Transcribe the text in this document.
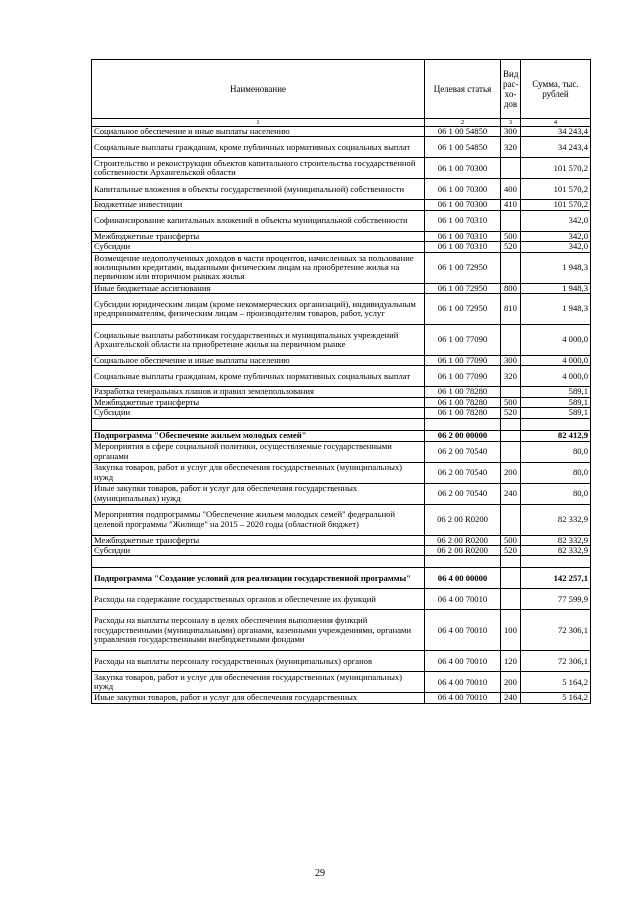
Наименование	Целевая статья	Вид рас- хо- дов	Сумма, тыс. рублей
1	2	3	4
Социальное обеспечение и иные выплаты населению	06 1 00 54850	300	34 243,4
Социальные выплаты гражданам, кроме публичных нормативных социальных выплат	06 1 00 54850	320	34 243,4
Строительство и реконструкция объектов капитального строительства государственной собственности Архангельской области	06 1 00 70300		101 570,2
Капитальные вложения в объекты государственной (муниципальной) собственности	06 1 00 70300	400	101 570,2
Бюджетные инвестиции	06 1 00 70300	410	101 570,2
Софинансирование капитальных вложений в объекты муниципальной собственности	06 1 00 70310		342,0
Межбюджетные трансферты	06 1 00 70310	500	342,0
Субсидии	06 1 00 70310	520	342,0
Возмещение недополученных доходов в части процентов, начисленных за пользование жилищными кредитами, выданными физическим лицам на приобретение жилья на первичном или вторичном рынках жилья	06 1 00 72950		1 948,3
Иные бюджетные ассигнования	06 1 00 72950	800	1 948,3
Субсидии юридическим лицам (кроме некоммерческих организаций), индивидуальным предпринимателям, физическим лицам – производителям товаров, работ, услуг	06 1 00 72950	810	1 948,3
Социальные выплаты работникам государственных и муниципальных учреждений Архангельской области на приобретение жилья на первичном рынке	06 1 00 77090		4 000,0
Социальное обеспечение и иные выплаты населению	06 1 00 77090	300	4 000,0
Социальные выплаты гражданам, кроме публичных нормативных социальных выплат	06 1 00 77090	320	4 000,0
Разработка генеральных планов и правил землепользования	06 1 00 78280		589,1
Межбюджетные трансферты	06 1 00 78280	500	589,1
Субсидии	06 1 00 78280	520	589,1

Подпрограмма "Обеспечение жильем молодых семей"	06 2 00 00000		82 412,9
Мероприятия в сфере социальной политики, осуществляемые государственными органами	06 2 00 70540		80,0
Закупка товаров, работ и услуг для обеспечения государственных (муниципальных) нужд	06 2 00 70540	200	80,0
Иные закупки товаров, работ и услуг для обеспечения государственных (муниципальных) нужд	06 2 00 70540	240	80,0
Мероприятия подпрограммы "Обеспечение жильем молодых семей" федеральной целевой программы "Жилище" на 2015 – 2020 годы (областной бюджет)	06 2 00 R0200		82 332,9
Межбюджетные трансферты	06 2 00 R0200	500	82 332,9
Субсидии	06 2 00 R0200	520	82 332,9

Подпрограмма "Создание условий для реализации государственной программы"	06 4 00 00000		142 257,1
Расходы на содержание государственных органов и обеспечение их функций	06 4 00 70010		77 599,9
Расходы на выплаты персоналу в целях обеспечения выполнения функций государственными (муниципальными) органами, казенными учреждениями, органами управления государственными внебюджетными фондами	06 4 00 70010	100	72 306,1
Расходы на выплаты персоналу государственных (муниципальных) органов	06 4 00 70010	120	72 306,1
Закупка товаров, работ и услуг для обеспечения государственных (муниципальных) нужд	06 4 00 70010	200	5 164,2
Иные закупки товаров, работ и услуг для обеспечения государственных	06 4 00 70010	240	5 164,2
29
